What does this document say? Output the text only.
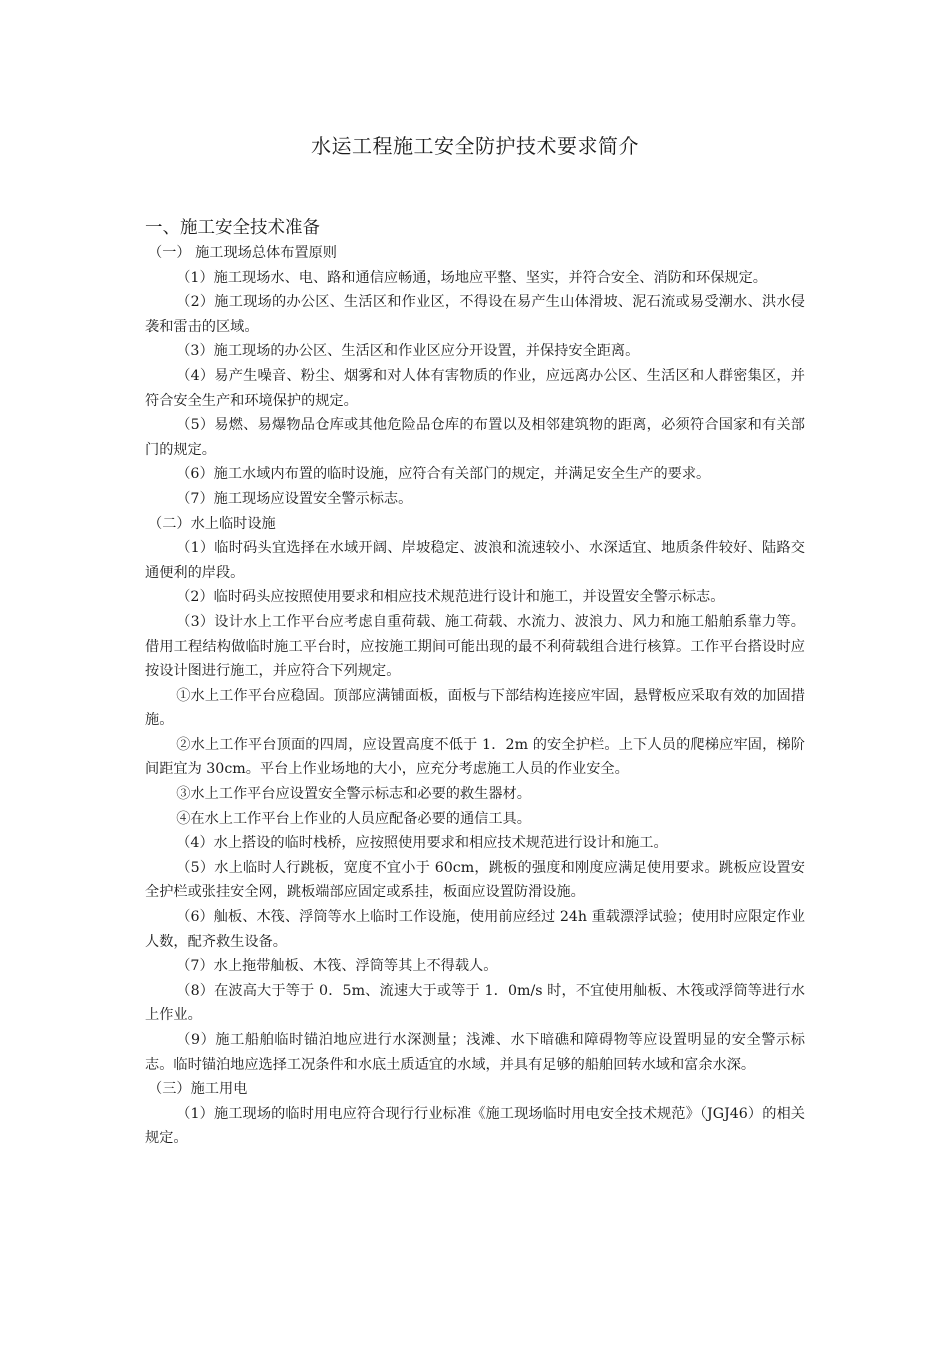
水运工程施工安全防护技术要求简介
一、施工安全技术准备
（一） 施工现场总体布置原则

（1）施工现场水、电、路和通信应畅通，场地应平整、坚实，并符合安全、消防和环保规定。

（2）施工现场的办公区、生活区和作业区，不得设在易产生山体滑坡、泥石流或易受潮水、洪水侵袭和雷击的区域。

（3）施工现场的办公区、生活区和作业区应分开设置，并保持安全距离。

（4）易产生噪音、粉尘、烟雾和对人体有害物质的作业，应远离办公区、生活区和人群密集区，并符合安全生产和环境保护的规定。

（5）易燃、易爆物品仓库或其他危险品仓库的布置以及相邻建筑物的距离，必须符合国家和有关部门的规定。

（6）施工水域内布置的临时设施，应符合有关部门的规定，并满足安全生产的要求。

（7）施工现场应设置安全警示标志。

（二）水上临时设施

（1）临时码头宜选择在水域开阔、岸坡稳定、波浪和流速较小、水深适宜、地质条件较好、陆路交通便利的岸段。

（2）临时码头应按照使用要求和相应技术规范进行设计和施工，并设置安全警示标志。

（3）设计水上工作平台应考虑自重荷载、施工荷载、水流力、波浪力、风力和施工船舶系靠力等。借用工程结构做临时施工平台时，应按施工期间可能出现的最不利荷载组合进行核算。工作平台搭设时应按设计图进行施工，并应符合下列规定。

①水上工作平台应稳固。顶部应满铺面板，面板与下部结构连接应牢固，悬臂板应采取有效的加固措施。

②水上工作平台顶面的四周，应设置高度不低于 1．2m 的安全护栏。上下人员的爬梯应牢固，梯阶间距宜为 30cm。平台上作业场地的大小，应充分考虑施工人员的作业安全。

③水上工作平台应设置安全警示标志和必要的救生器材。

④在水上工作平台上作业的人员应配备必要的通信工具。

（4）水上搭设的临时栈桥，应按照使用要求和相应技术规范进行设计和施工。

（5）水上临时人行跳板，宽度不宜小于 60cm，跳板的强度和刚度应满足使用要求。跳板应设置安全护栏或张挂安全网，跳板端部应固定或系挂，板面应设置防滑设施。

（6）舢板、木筏、浮筒等水上临时工作设施，使用前应经过 24h 重载漂浮试验；使用时应限定作业人数，配齐救生设备。

（7）水上拖带舢板、木筏、浮筒等其上不得载人。

（8）在波高大于等于 0．5m、流速大于或等于 1．0m/s 时，不宜使用舢板、木筏或浮筒等进行水上作业。

（9）施工船舶临时锚泊地应进行水深测量；浅滩、水下暗礁和障碍物等应设置明显的安全警示标志。临时锚泊地应选择工况条件和水底土质适宜的水域，并具有足够的船舶回转水域和富余水深。

（三）施工用电

（1）施工现场的临时用电应符合现行行业标准《施工现场临时用电安全技术规范》（JGJ46）的相关规定。
